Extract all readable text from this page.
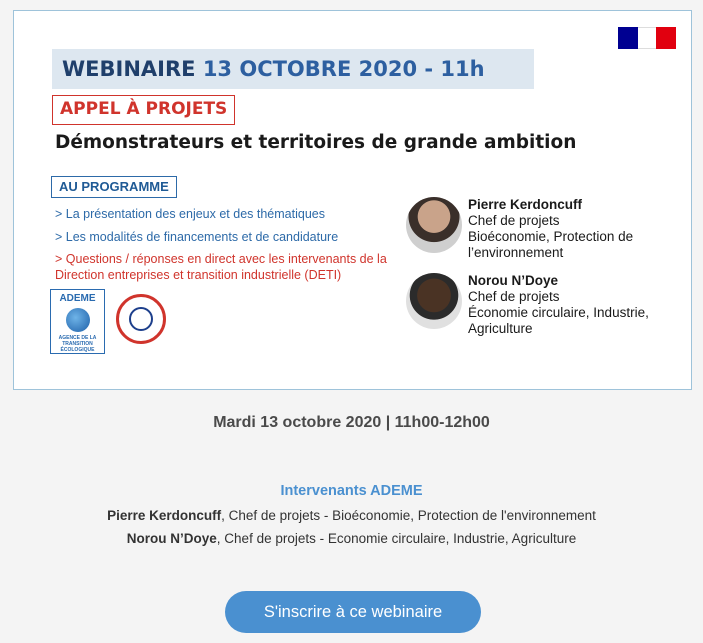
WEBINAIRE 13 OCTOBRE 2020 - 11h
APPEL À PROJETS
Démonstrateurs et territoires de grande ambition
AU PROGRAMME
> La présentation des enjeux et des thématiques
> Les modalités de financements et de candidature
> Questions / réponses en direct avec les intervenants de la Direction entreprises et transition industrielle (DETI)
ADEME
AGENCE DE LA TRANSITION ÉCOLOGIQUE
Pierre Kerdoncuff
Chef de projets
Bioéconomie, Protection de l’environnement
Norou N’Doye
Chef de projets
Économie circulaire, Industrie, Agriculture
Mardi 13 octobre 2020 | 11h00-12h00
Intervenants ADEME
Pierre Kerdoncuff, Chef de projets - Bioéconomie, Protection de l'environnement
Norou N’Doye, Chef de projets - Economie circulaire, Industrie, Agriculture
S'inscrire à ce webinaire
